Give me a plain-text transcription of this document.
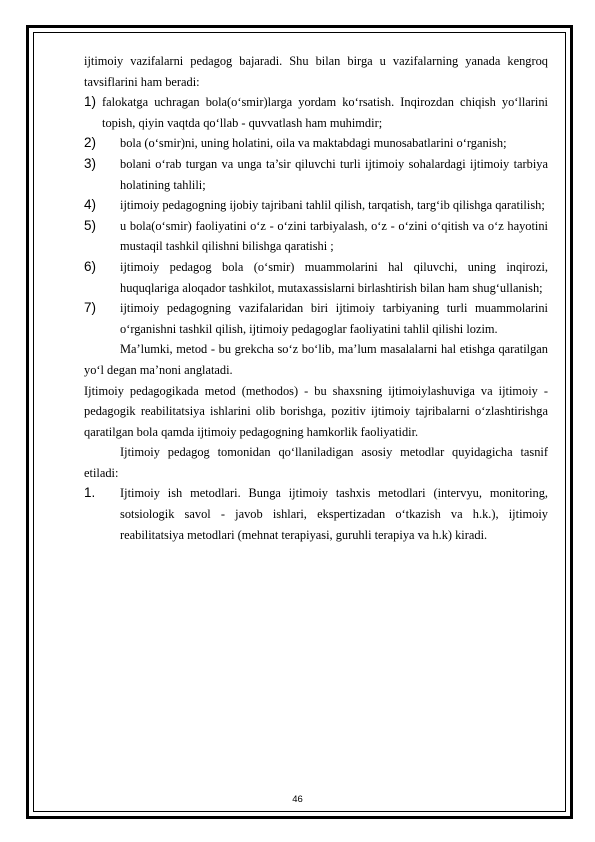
ijtimoiy vazifalarni pedagog bajaradi. Shu bilan birga u vazifalarning yanada kengroq tavsiflarini ham beradi:

1) falokatga uchragan bola(o‘smir)larga yordam ko‘rsatish. Inqirozdan chiqish yo‘llarini topish, qiyin vaqtda qo‘llab - quvvatlash ham muhimdir;
2)	bola (o‘smir)ni, uning holatini, oila va maktabdagi munosabatlarini o‘rganish;
3)	bolani o‘rab turgan va unga ta’sir qiluvchi turli ijtimoiy sohalardagi ijtimoiy tarbiya holatining tahlili;
4)	ijtimoiy pedagogning ijobiy tajribani tahlil qilish, tarqatish, targ‘ib qilishga qaratilish;
5)	u bola(o‘smir) faoliyatini o‘z - o‘zini tarbiyalash, o‘z - o‘zini o‘qitish va o‘z hayotini mustaqil tashkil qilishni bilishga qaratishi ;
6)	ijtimoiy pedagog bola (o‘smir) muammolarini hal qiluvchi, uning inqirozi, huquqlariga aloqador tashkilot, mutaxassislarni birlashtirish bilan ham shug‘ullanish;
7)	ijtimoiy pedagogning vazifalaridan biri ijtimoiy tarbiyaning turli muammolarini o‘rganishni tashkil qilish, ijtimoiy pedagoglar faoliyatini tahlil qilishi lozim.

Ma’lumki, metod - bu grekcha so‘z bo‘lib, ma’lum masalalarni hal etishga qaratilgan yo‘l degan ma’noni anglatadi.

Ijtimoiy pedagogikada metod (methodos) - bu shaxsning ijtimoiylashuviga va ijtimoiy - pedagogik reabilitatsiya ishlarini olib borishga, pozitiv ijtimoiy tajribalarni o‘zlashtirishga qaratilgan bola qamda ijtimoiy pedagogning hamkorlik faoliyatidir.

Ijtimoiy pedagog tomonidan qo‘llaniladigan asosiy metodlar quyidagicha tasnif etiladi:

1.	Ijtimoiy ish metodlari. Bunga ijtimoiy tashxis metodlari (intervyu, monitoring, sotsiologik savol - javob ishlari, ekspertizadan o‘tkazish va h.k.), ijtimoiy reabilitatsiya metodlari (mehnat terapiyasi, guruhli terapiya va h.k) kiradi.
46
